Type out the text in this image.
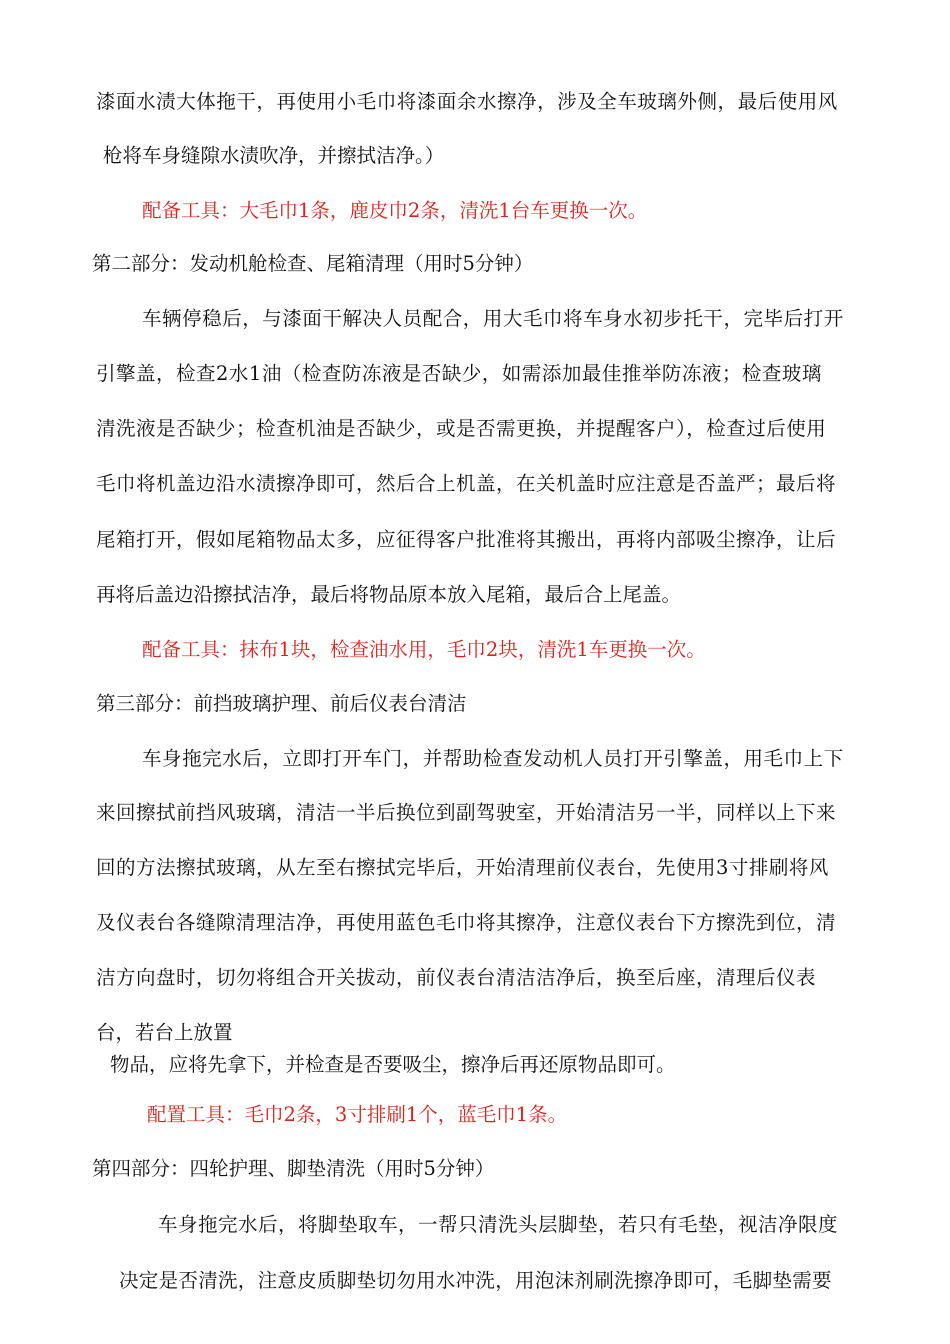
漆面水渍大体拖干，再使用小毛巾将漆面余水擦净，涉及全车玻璃外侧，最后使用风
枪将车身缝隙水渍吹净，并擦拭洁净。）
配备工具：大毛巾1条，鹿皮巾2条，清洗1台车更换一次。
第二部分：发动机舱检查、尾箱清理（用时5分钟）
车辆停稳后，与漆面干解决人员配合，用大毛巾将车身水初步托干，完毕后打开
引擎盖，检查2水1油（检查防冻液是否缺少，如需添加最佳推举防冻液；检查玻璃
清洗液是否缺少；检查机油是否缺少，或是否需更换，并提醒客户），检查过后使用
毛巾将机盖边沿水渍擦净即可，然后合上机盖，在关机盖时应注意是否盖严；最后将
尾箱打开，假如尾箱物品太多，应征得客户批准将其搬出，再将内部吸尘擦净，让后
再将后盖边沿擦拭洁净，最后将物品原本放入尾箱，最后合上尾盖。
配备工具：抹布1块，检查油水用，毛巾2块，清洗1车更换一次。
第三部分：前挡玻璃护理、前后仪表台清洁
车身拖完水后，立即打开车门，并帮助检查发动机人员打开引擎盖，用毛巾上下
来回擦拭前挡风玻璃，清洁一半后换位到副驾驶室，开始清洁另一半，同样以上下来
回的方法擦拭玻璃，从左至右擦拭完毕后，开始清理前仪表台，先使用3寸排刷将风
及仪表台各缝隙清理洁净，再使用蓝色毛巾将其擦净，注意仪表台下方擦洗到位，清
洁方向盘时，切勿将组合开关拔动，前仪表台清洁洁净后，换至后座，清理后仪表
台，若台上放置
物品，应将先拿下，并检查是否要吸尘，擦净后再还原物品即可。
配置工具：毛巾2条，3寸排刷1个，蓝毛巾1条。
第四部分：四轮护理、脚垫清洗（用时5分钟）
车身拖完水后，将脚垫取车，一帮只清洗头层脚垫，若只有毛垫，视洁净限度
决定是否清洗，注意皮质脚垫切勿用水冲洗，用泡沫剂刷洗擦净即可，毛脚垫需要
